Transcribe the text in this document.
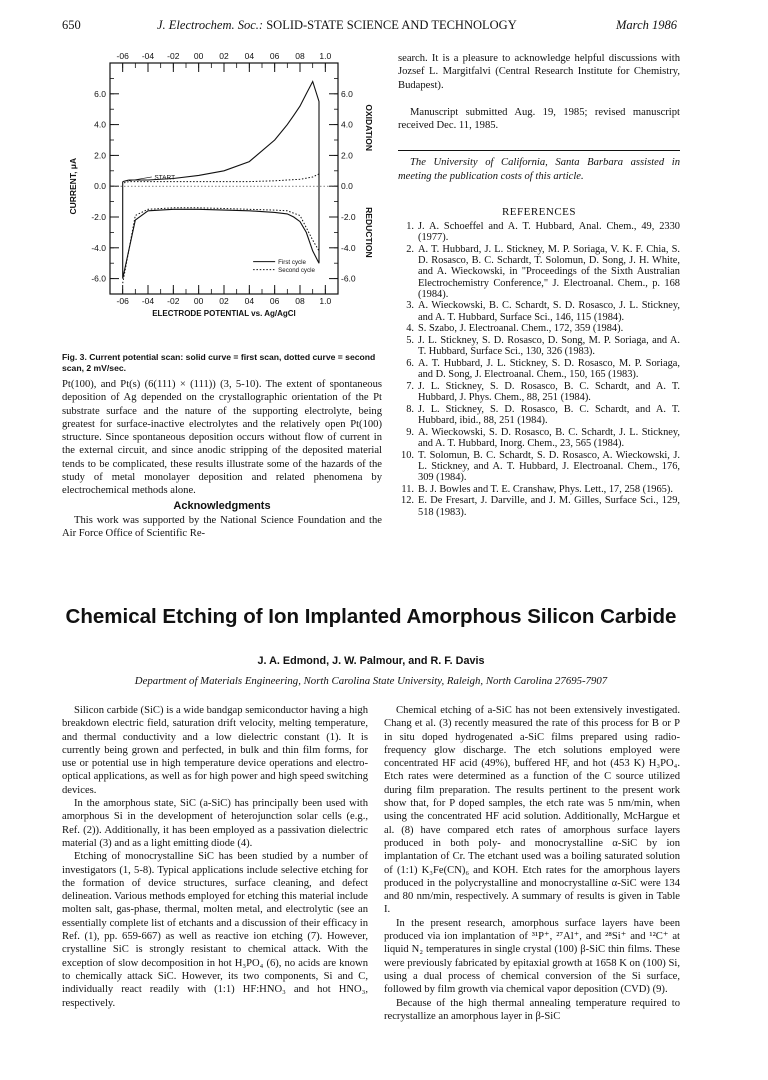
650	J. Electrochem. Soc.: SOLID-STATE SCIENCE AND TECHNOLOGY	March 1986
-06
-06
-04
-04
-02
-02
00
00
02
02
04
04
06
06
08
08
1.0
1.0
6.0	6.0
4.0	4.0
2.0	2.0
0.0	0.0
-2.0	-2.0
-4.0	-4.0
-6.0	-6.0
ELECTRODE POTENTIAL vs. Ag/AgCl
CURRENT, μA
OXIDATION
REDUCTION
START
First cycle
Second cycle
Fig. 3. Current potential scan: solid curve = first scan, dotted curve = second scan, 2 mV/sec.

Pt(100), and Pt(s) (6(111) × (111)) (3, 5-10). The extent of spontaneous deposition of Ag depended on the crystallographic orientation of the Pt substrate surface and the nature of the supporting electrolyte, being greatest for surface-inactive electrolytes and the relatively open Pt(100) structure. Since spontaneous deposition occurs without flow of current in the external circuit, and since anodic stripping of the deposited material tends to be complicated, these results illustrate some of the hazards of the study of metal monolayer deposition and related phenomena by electrochemical methods alone.

Acknowledgments

This work was supported by the National Science Foundation and the Air Force Office of Scientific Re-

search. It is a pleasure to acknowledge helpful discussions with Jozsef L. Margitfalvi (Central Research Institute for Chemistry, Budapest).

Manuscript submitted Aug. 19, 1985; revised manuscript received Dec. 11, 1985.

The University of California, Santa Barbara assisted in meeting the publication costs of this article.

REFERENCES
1. J. A. Schoeffel and A. T. Hubbard, Anal. Chem., 49, 2330 (1977).
2. A. T. Hubbard, J. L. Stickney, M. P. Soriaga, V. K. F. Chia, S. D. Rosasco, B. C. Schardt, T. Solomun, D. Song, J. H. White, and A. Wieckowski, in "Proceedings of the Sixth Australian Electrochemistry Conference," J. Electroanal. Chem., p. 168 (1984).
3. A. Wieckowski, B. C. Schardt, S. D. Rosasco, J. L. Stickney, and A. T. Hubbard, Surface Sci., 146, 115 (1984).
4. S. Szabo, J. Electroanal. Chem., 172, 359 (1984).
5. J. L. Stickney, S. D. Rosasco, D. Song, M. P. Soriaga, and A. T. Hubbard, Surface Sci., 130, 326 (1983).
6. A. T. Hubbard, J. L. Stickney, S. D. Rosasco, M. P. Soriaga, and D. Song, J. Electroanal. Chem., 150, 165 (1983).
7. J. L. Stickney, S. D. Rosasco, B. C. Schardt, and A. T. Hubbard, J. Phys. Chem., 88, 251 (1984).
8. J. L. Stickney, S. D. Rosasco, B. C. Schardt, and A. T. Hubbard, ibid., 88, 251 (1984).
9. A. Wieckowski, S. D. Rosasco, B. C. Schardt, J. L. Stickney, and A. T. Hubbard, Inorg. Chem., 23, 565 (1984).
10. T. Solomun, B. C. Schardt, S. D. Rosasco, A. Wieckowski, J. L. Stickney, and A. T. Hubbard, J. Electroanal. Chem., 176, 309 (1984).
11. B. J. Bowles and T. E. Cranshaw, Phys. Lett., 17, 258 (1965).
12. E. De Fresart, J. Darville, and J. M. Gilles, Surface Sci., 129, 518 (1983).
Chemical Etching of Ion Implanted Amorphous Silicon Carbide
J. A. Edmond, J. W. Palmour, and R. F. Davis
Department of Materials Engineering, North Carolina State University, Raleigh, North Carolina 27695-7907

Silicon carbide (SiC) is a wide bandgap semiconductor having a high breakdown electric field, saturation drift velocity, melting temperature, and thermal conductivity and a low dielectric constant (1). It is currently being grown and perfected, in bulk and thin film forms, for use or potential use in high temperature device operations and electro-optical applications, as well as for high power and high speed switching devices.

In the amorphous state, SiC (a-SiC) has principally been used with amorphous Si in the development of heterojunction solar cells (e.g., Ref. (2)). Additionally, it has been employed as a passivation dielectric material (3) and as a light emitting diode (4).

Etching of monocrystalline SiC has been studied by a number of investigators (1, 5-8). Typical applications include selective etching for the formation of device structures, surface cleaning, and defect delineation. Various methods employed for etching this material include molten salt, gas-phase, thermal, molten metal, and electrolytic (see an essentially complete list of etchants and a discussion of their efficacy in Ref. (1), pp. 659-667) as well as reactive ion etching (7). However, crystalline SiC is strongly resistant to chemical attack. With the exception of slow decomposition in hot H₃PO₄ (6), no acids are known to chemically attack SiC. However, its two components, Si and C, individually react readily with (1:1) HF:HNO₃ and hot HNO₃, respectively.

Chemical etching of a-SiC has not been extensively investigated. Chang et al. (3) recently measured the rate of this process for B or P in situ doped hydrogenated a-SiC films prepared using radio-frequency glow discharge. The etch solutions employed were concentrated HF acid (49%), buffered HF, and hot (453 K) H₃PO₄. Etch rates were determined as a function of the C source utilized during film preparation. The results pertinent to the present work show that, for P doped samples, the etch rate was 5 nm/min, when using the concentrated HF acid solution. Additionally, McHargue et al. (8) have compared etch rates of amorphous surface layers produced in both poly- and monocrystalline α-SiC by ion implantation of Cr. The etchant used was a boiling saturated solution of (1:1) K₃Fe(CN)₆ and KOH. Etch rates for the amorphous layers produced in the polycrystalline and monocrystalline α-SiC were 134 and 80 nm/min, respectively. A summary of results is given in Table I.

In the present research, amorphous surface layers have been produced via ion implantation of ³¹P⁺, ²⁷Al⁺, and ²⁸Si⁺ and ¹²C⁺ at liquid N₂ temperatures in single crystal (100) β-SiC thin films. These were previously fabricated by epitaxial growth at 1658 K on (100) Si, using a dual process of chemical conversion of the Si surface, followed by film growth via chemical vapor deposition (CVD) (9).

Because of the high thermal annealing temperature required to recrystallize an amorphous layer in β-SiC
